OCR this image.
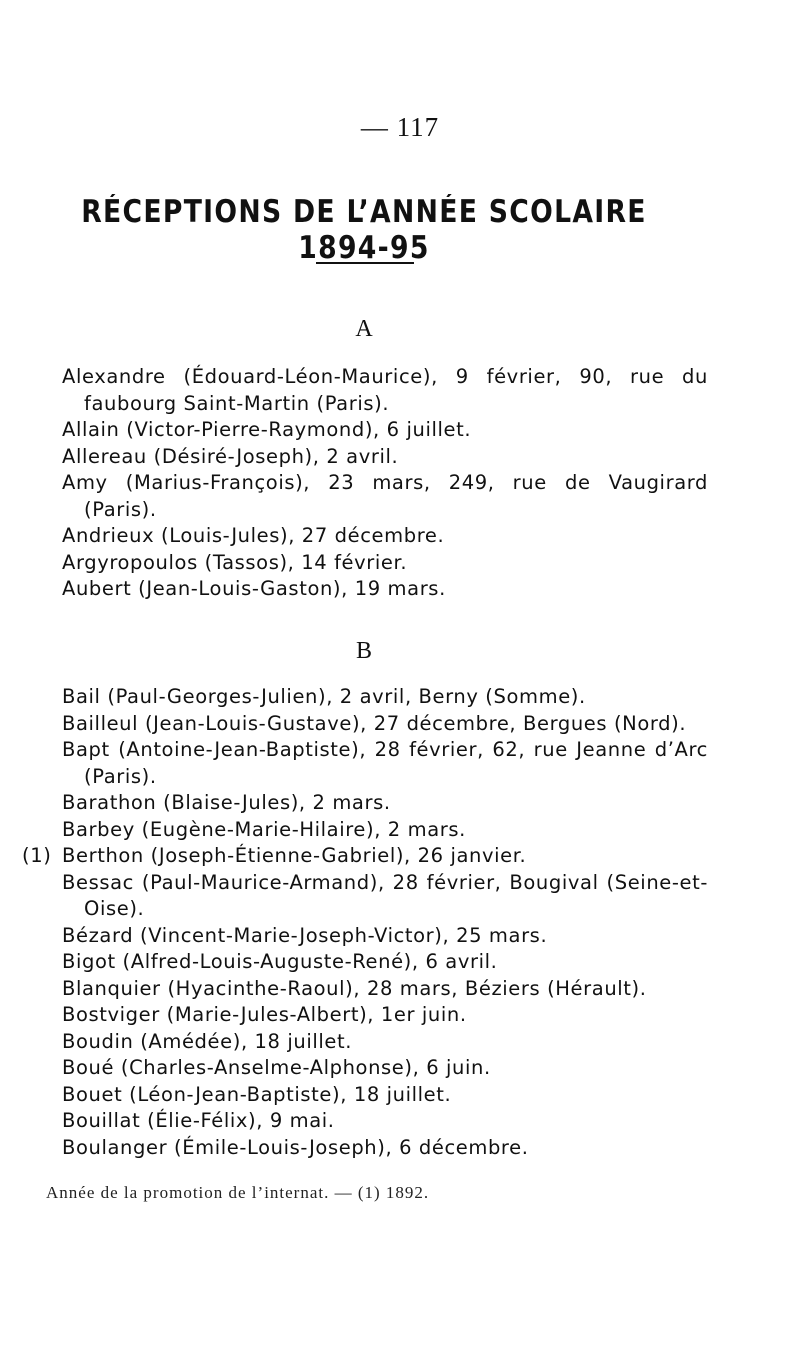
— 117
RÉCEPTIONS DE L’ANNÉE SCOLAIRE 1894-95
A
Alexandre (Édouard-Léon-Maurice), 9 février, 90, rue du faubourg Saint-Martin (Paris).
Allain (Victor-Pierre-Raymond), 6 juillet.
Allereau (Désiré-Joseph), 2 avril.
Amy (Marius-François), 23 mars, 249, rue de Vaugirard (Paris).
Andrieux (Louis-Jules), 27 décembre.
Argyropoulos (Tassos), 14 février.
Aubert (Jean-Louis-Gaston), 19 mars.
B
Bail (Paul-Georges-Julien), 2 avril, Berny (Somme).
Bailleul (Jean-Louis-Gustave), 27 décembre, Bergues (Nord).
Bapt (Antoine-Jean-Baptiste), 28 février, 62, rue Jeanne d’Arc (Paris).
Barathon (Blaise-Jules), 2 mars.
Barbey (Eugène-Marie-Hilaire), 2 mars.
(1) Berthon (Joseph-Étienne-Gabriel), 26 janvier.
Bessac (Paul-Maurice-Armand), 28 février, Bougival (Seine-et-Oise).
Bézard (Vincent-Marie-Joseph-Victor), 25 mars.
Bigot (Alfred-Louis-Auguste-René), 6 avril.
Blanquier (Hyacinthe-Raoul), 28 mars, Béziers (Hérault).
Bostviger (Marie-Jules-Albert), 1er juin.
Boudin (Amédée), 18 juillet.
Boué (Charles-Anselme-Alphonse), 6 juin.
Bouet (Léon-Jean-Baptiste), 18 juillet.
Bouillat (Élie-Félix), 9 mai.
Boulanger (Émile-Louis-Joseph), 6 décembre.
Année de la promotion de l’internat. — (1) 1892.
